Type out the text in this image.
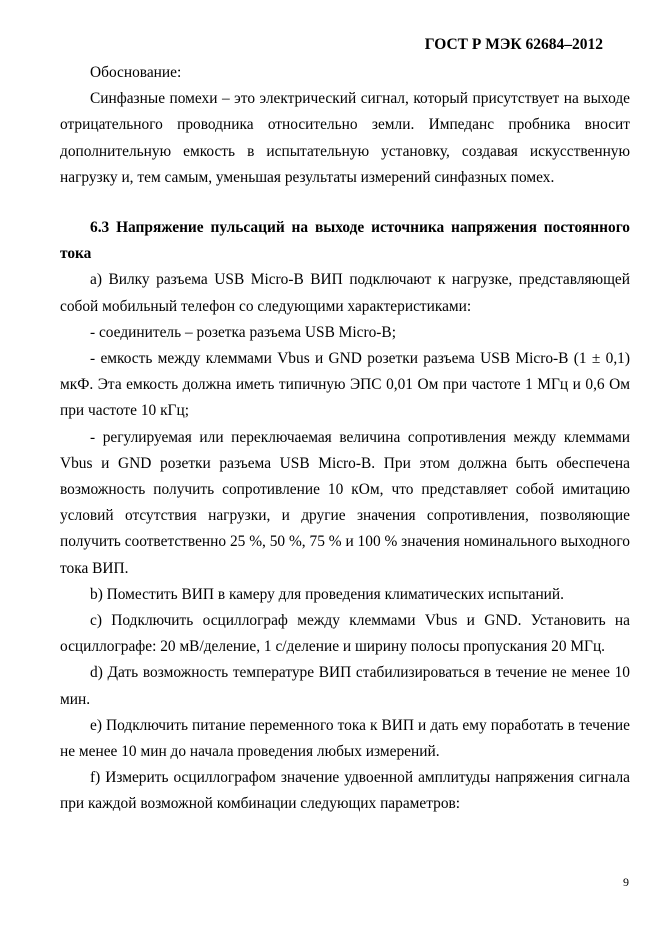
ГОСТ Р МЭК 62684–2012

Обоснование:

Синфазные помехи – это электрический сигнал, который присутствует на выходе отрицательного проводника относительно земли. Импеданс пробника вносит дополнительную емкость в испытательную установку, создавая искусственную нагрузку и, тем самым, уменьшая результаты измерений синфазных помех.

6.3 Напряжение пульсаций на выходе источника напряжения постоянного тока

a) Вилку разъема USB Micro-B ВИП подключают к нагрузке, представляющей собой мобильный телефон со следующими характеристиками:

- соединитель – розетка разъема USB Micro-B;

- емкость между клеммами Vbus и GND розетки разъема USB Micro-B (1 ± 0,1) мкФ. Эта емкость должна иметь типичную ЭПС 0,01 Ом при частоте 1 МГц и 0,6 Ом при частоте 10 кГц;

- регулируемая или переключаемая величина сопротивления между клеммами Vbus и GND розетки разъема USB Micro-B. При этом должна быть обеспечена возможность получить сопротивление 10 кОм, что представляет собой имитацию условий отсутствия нагрузки, и другие значения сопротивления, позволяющие получить соответственно 25 %, 50 %, 75 % и 100 % значения номинального выходного тока ВИП.

b) Поместить ВИП в камеру для проведения климатических испытаний.

c) Подключить осциллограф между клеммами Vbus и GND. Установить на осциллографе: 20 мВ/деление, 1 с/деление и ширину полосы пропускания 20 МГц.

d) Дать возможность температуре ВИП стабилизироваться в течение не менее 10 мин.

e) Подключить питание переменного тока к ВИП и дать ему поработать в течение не менее 10 мин до начала проведения любых измерений.

f) Измерить осциллографом значение удвоенной амплитуды напряжения сигнала при каждой возможной комбинации следующих параметров:

9
